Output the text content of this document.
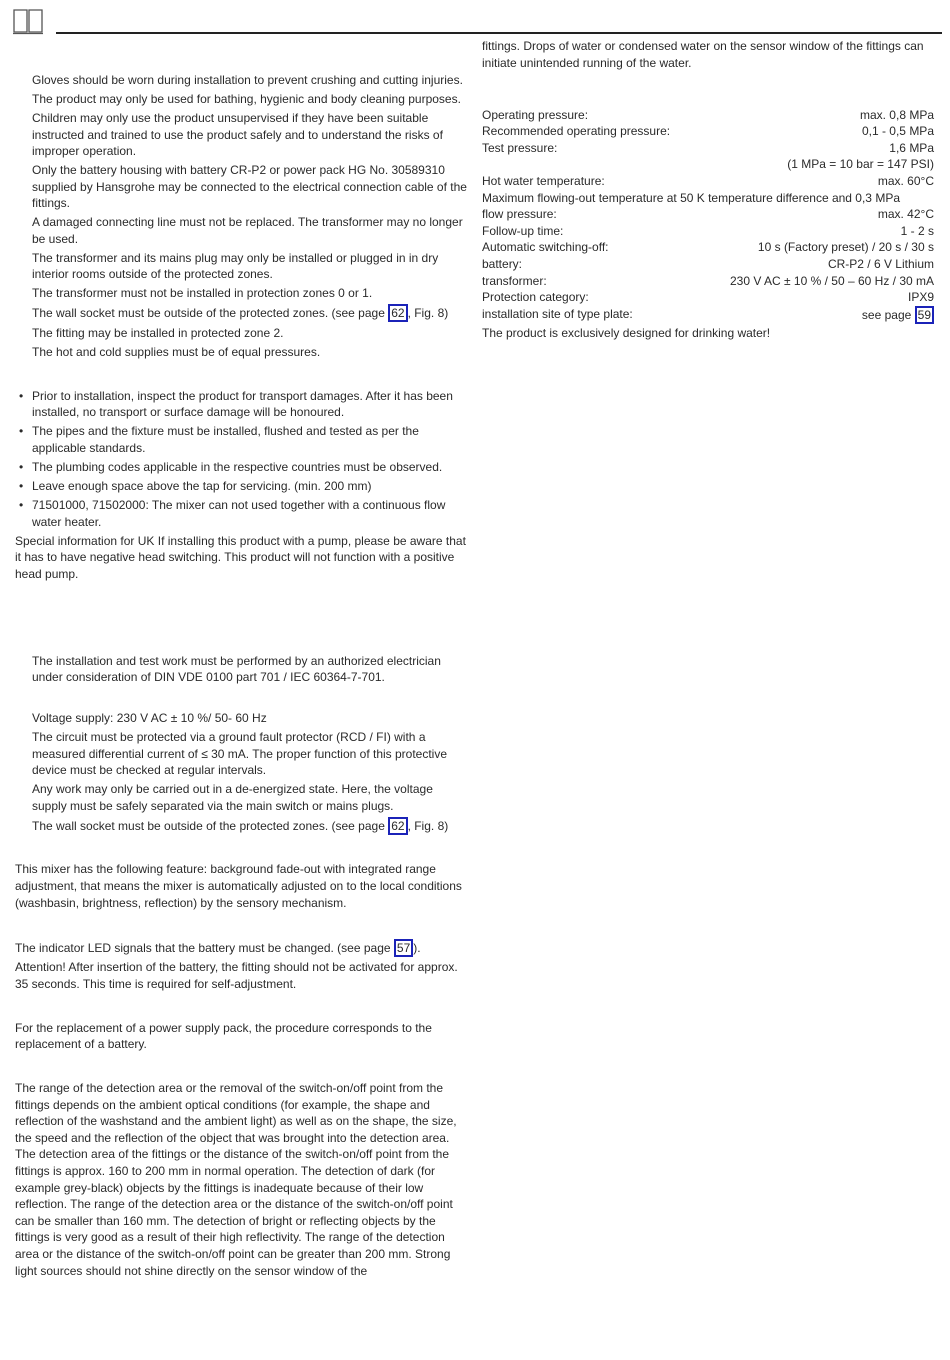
Gloves should be worn during installation to prevent crushing and cutting injuries.

The product may only be used for bathing, hygienic and body cleaning purposes.

Children may only use the product unsupervised if they have been suitable instructed and trained to use the product safely and to understand the risks of improper operation.

Only the battery housing with battery CR-P2 or power pack HG No. 30589310 supplied by Hansgrohe may be connected to the electrical connection cable of the fittings.

A damaged connecting line must not be replaced. The transformer may no longer be used.

The transformer and its mains plug may only be installed or plugged in in dry interior rooms outside of the protected zones.

The transformer must not be installed in protection zones 0 or 1.

The wall socket must be outside of the protected zones. (see page 62 , Fig. 8)

The fitting may be installed in protected zone 2.

The hot and cold supplies must be of equal pressures.

• Prior to installation, inspect the product for transport damages. After it has been installed, no transport or surface damage will be honoured.
• The pipes and the fixture must be installed, flushed and tested as per the applicable standards.
• The plumbing codes applicable in the respective countries must be observed.
• Leave enough space above the tap for servicing. (min. 200 mm)
• 71501000, 71502000: The mixer can not used together with a continuous flow water heater.

Special information for UK If installing this product with a pump, please be aware that it has to have negative head switching. This product will not function with a positive head pump.

The installation and test work must be performed by an authorized electrician under consideration of DIN VDE 0100 part 701 / IEC 60364-7-701.

Voltage supply: 230 V AC ± 10 %/ 50- 60 Hz

The circuit must be protected via a ground fault protector (RCD / FI) with a measured differential current of ≤ 30 mA. The proper function of this protective device must be checked at regular intervals.

Any work may only be carried out in a de-energized state. Here, the voltage supply must be safely separated via the main switch or mains plugs.

The wall socket must be outside of the protected zones. (see page 62 , Fig. 8)

This mixer has the following feature: background fade-out with integrated range adjustment, that means the mixer is automatically adjusted on to the local conditions (washbasin, brightness, reflection) by the sensory mechanism.

The indicator LED signals that the battery must be changed. (see page 57 ).

Attention! After insertion of the battery, the fitting should not be activated for approx. 35 seconds. This time is required for self-adjustment.

For the replacement of a power supply pack, the procedure corresponds to the replacement of a battery.

The range of the detection area or the removal of the switch-on/off point from the fittings depends on the ambient optical conditions (for example, the shape and reflection of the washstand and the ambient light) as well as on the shape, the size, the speed and the reflection of the object that was brought into the detection area. The detection area of the fittings or the distance of the switch-on/off point from the fittings is approx. 160 to 200 mm in normal operation. The detection of dark (for example grey-black) objects by the fittings is inadequate because of their low reflection. The range of the detection area or the distance of the switch-on/off point can be smaller than 160 mm. The detection of bright or reflecting objects by the fittings is very good as a result of their high reflectivity. The range of the detection area or the distance of the switch-on/off point can be greater than 200 mm. Strong light sources should not shine directly on the sensor window of the

fittings. Drops of water or condensed water on the sensor window of the fittings can initiate unintended running of the water.

Operating pressure:	max. 0,8 MPa
Recommended operating pressure:	0,1 - 0,5 MPa
Test pressure:	1,6 MPa
(1 MPa = 10 bar = 147 PSI)
Hot water temperature:	max. 60°C
Maximum flowing-out temperature at 50 K temperature difference and 0,3 MPa
flow pressure:	max. 42°C
Follow-up time:	1 - 2 s
Automatic switching-off:	10 s (Factory preset) / 20 s / 30 s
battery:	CR-P2 / 6 V Lithium
transformer:	230 V AC ± 10 % / 50 – 60 Hz / 30 mA
Protection category:	IPX9
installation site of type plate:	see page 59

The product is exclusively designed for drinking water!
